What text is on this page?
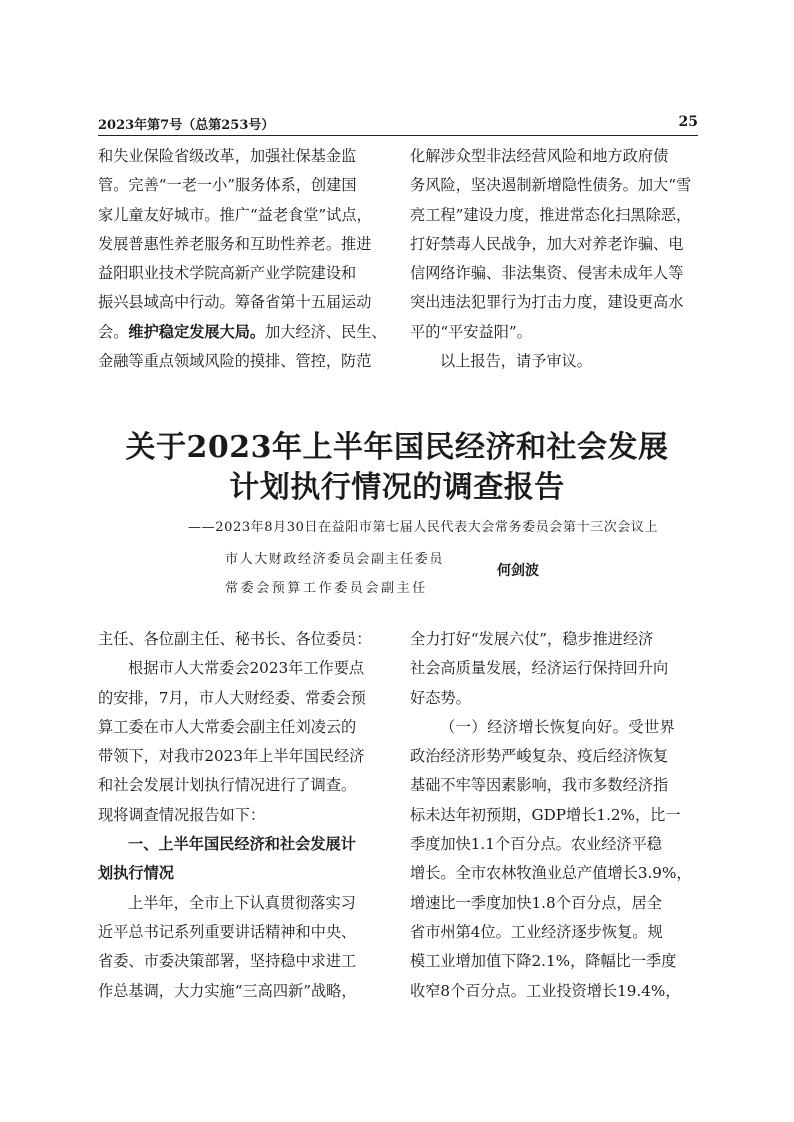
2023年第7号（总第253号）	25
和失业保险省级改革，加强社保基金监
管。完善“一老一小”服务体系，创建国
家儿童友好城市。推广“益老食堂”试点，
发展普惠性养老服务和互助性养老。推进
益阳职业技术学院高新产业学院建设和
振兴县域高中行动。筹备省第十五届运动
会。维护稳定发展大局。加大经济、民生、
金融等重点领域风险的摸排、管控，防范
化解涉众型非法经营风险和地方政府债
务风险，坚决遏制新增隐性债务。加大“雪
亮工程”建设力度，推进常态化扫黑除恶，
打好禁毒人民战争，加大对养老诈骗、电
信网络诈骗、非法集资、侵害未成年人等
突出违法犯罪行为打击力度，建设更高水
平的“平安益阳”。
以上报告，请予审议。
关于2023年上半年国民经济和社会发展
计划执行情况的调查报告
——2023年8月30日在益阳市第七届人民代表大会常务委员会第十三次会议上
市人大财政经济委员会副主任委员
常委会预算工作委员会副主任
何剑波
主任、各位副主任、秘书长、各位委员：
根据市人大常委会2023年工作要点
的安排，7月，市人大财经委、常委会预
算工委在市人大常委会副主任刘凌云的
带领下，对我市2023年上半年国民经济
和社会发展计划执行情况进行了调查。
现将调查情况报告如下：
一、上半年国民经济和社会发展计
划执行情况
上半年，全市上下认真贯彻落实习
近平总书记系列重要讲话精神和中央、
省委、市委决策部署，坚持稳中求进工
作总基调，大力实施“三高四新”战略，
全力打好“发展六仗”，稳步推进经济
社会高质量发展，经济运行保持回升向
好态势。
（一）经济增长恢复向好。受世界
政治经济形势严峻复杂、疫后经济恢复
基础不牢等因素影响，我市多数经济指
标未达年初预期，GDP增长1.2%，比一
季度加快1.1个百分点。农业经济平稳
增长。全市农林牧渔业总产值增长3.9%，
增速比一季度加快1.8个百分点，居全
省市州第4位。工业经济逐步恢复。规
模工业增加值下降2.1%，降幅比一季度
收窄8个百分点。工业投资增长19.4%，
